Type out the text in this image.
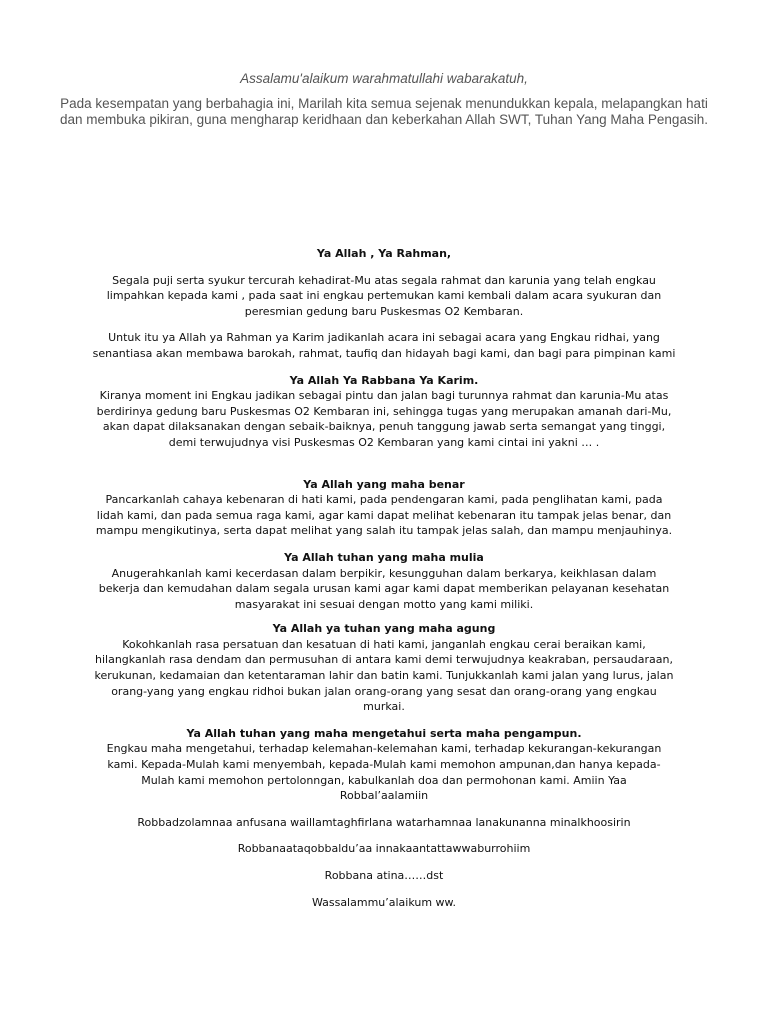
Assalamu'alaikum warahmatullahi wabarakatuh,
Pada kesempatan yang berbahagia ini, Marilah kita semua sejenak menundukkan kepala, melapangkan hati dan membuka pikiran, guna mengharap keridhaan dan keberkahan Allah SWT, Tuhan Yang Maha Pengasih.

Ya Allah , Ya Rahman,

Segala puji serta syukur tercurah kehadirat-Mu atas segala rahmat dan karunia yang telah engkau

limpahkan kepada kami , pada saat ini engkau pertemukan kami kembali dalam acara syukuran dan

peresmian gedung baru Puskesmas O2 Kembaran.

Untuk itu ya Allah ya Rahman ya Karim jadikanlah acara ini sebagai acara yang Engkau ridhai, yang

senantiasa akan membawa barokah, rahmat, taufiq dan hidayah bagi kami, dan bagi para pimpinan kami

Ya Allah Ya Rabbana Ya Karim.

Kiranya moment ini Engkau jadikan sebagai pintu dan jalan bagi turunnya rahmat dan karunia-Mu atas

berdirinya gedung baru Puskesmas O2 Kembaran ini, sehingga tugas yang merupakan amanah dari-Mu,

akan dapat dilaksanakan dengan sebaik-baiknya, penuh tanggung jawab serta semangat yang tinggi,

demi terwujudnya visi Puskesmas O2 Kembaran yang kami cintai ini yakni … .

Ya Allah yang maha benar

Pancarkanlah cahaya kebenaran di hati kami, pada pendengaran kami, pada penglihatan kami, pada

lidah kami, dan pada semua raga kami, agar kami dapat melihat kebenaran itu tampak jelas benar, dan

mampu mengikutinya, serta dapat melihat yang salah itu tampak jelas salah, dan mampu menjauhinya.

Ya Allah tuhan yang maha mulia

Anugerahkanlah kami kecerdasan dalam berpikir, kesungguhan dalam berkarya, keikhlasan dalam

bekerja dan kemudahan dalam segala urusan kami agar kami dapat memberikan pelayanan kesehatan

masyarakat ini sesuai dengan motto yang kami miliki.

Ya Allah ya tuhan yang maha agung

Kokohkanlah rasa persatuan dan kesatuan di hati kami, janganlah engkau cerai beraikan kami,

hilangkanlah rasa dendam dan permusuhan di antara kami demi terwujudnya keakraban, persaudaraan,

kerukunan, kedamaian dan ketentaraman lahir dan batin kami. Tunjukkanlah kami jalan yang lurus, jalan

orang-yang yang engkau ridhoi bukan jalan orang-orang yang sesat dan orang-orang yang engkau

murkai.

Ya Allah tuhan yang maha mengetahui serta maha pengampun.

Engkau maha mengetahui, terhadap kelemahan-kelemahan kami, terhadap kekurangan-kekurangan

kami. Kepada-Mulah kami menyembah, kepada-Mulah kami memohon ampunan,dan hanya kepada-

Mulah kami memohon pertolonngan, kabulkanlah doa dan permohonan kami. Amiin Yaa

Robbal’aalamiin

Robbadzolamnaa anfusana waillamtaghfirlana watarhamnaa lanakunanna minalkhoosirin

Robbanaataqobbaldu’aa innakaantattawwaburrohiim

Robbana atina……dst

Wassalammu’alaikum ww.
